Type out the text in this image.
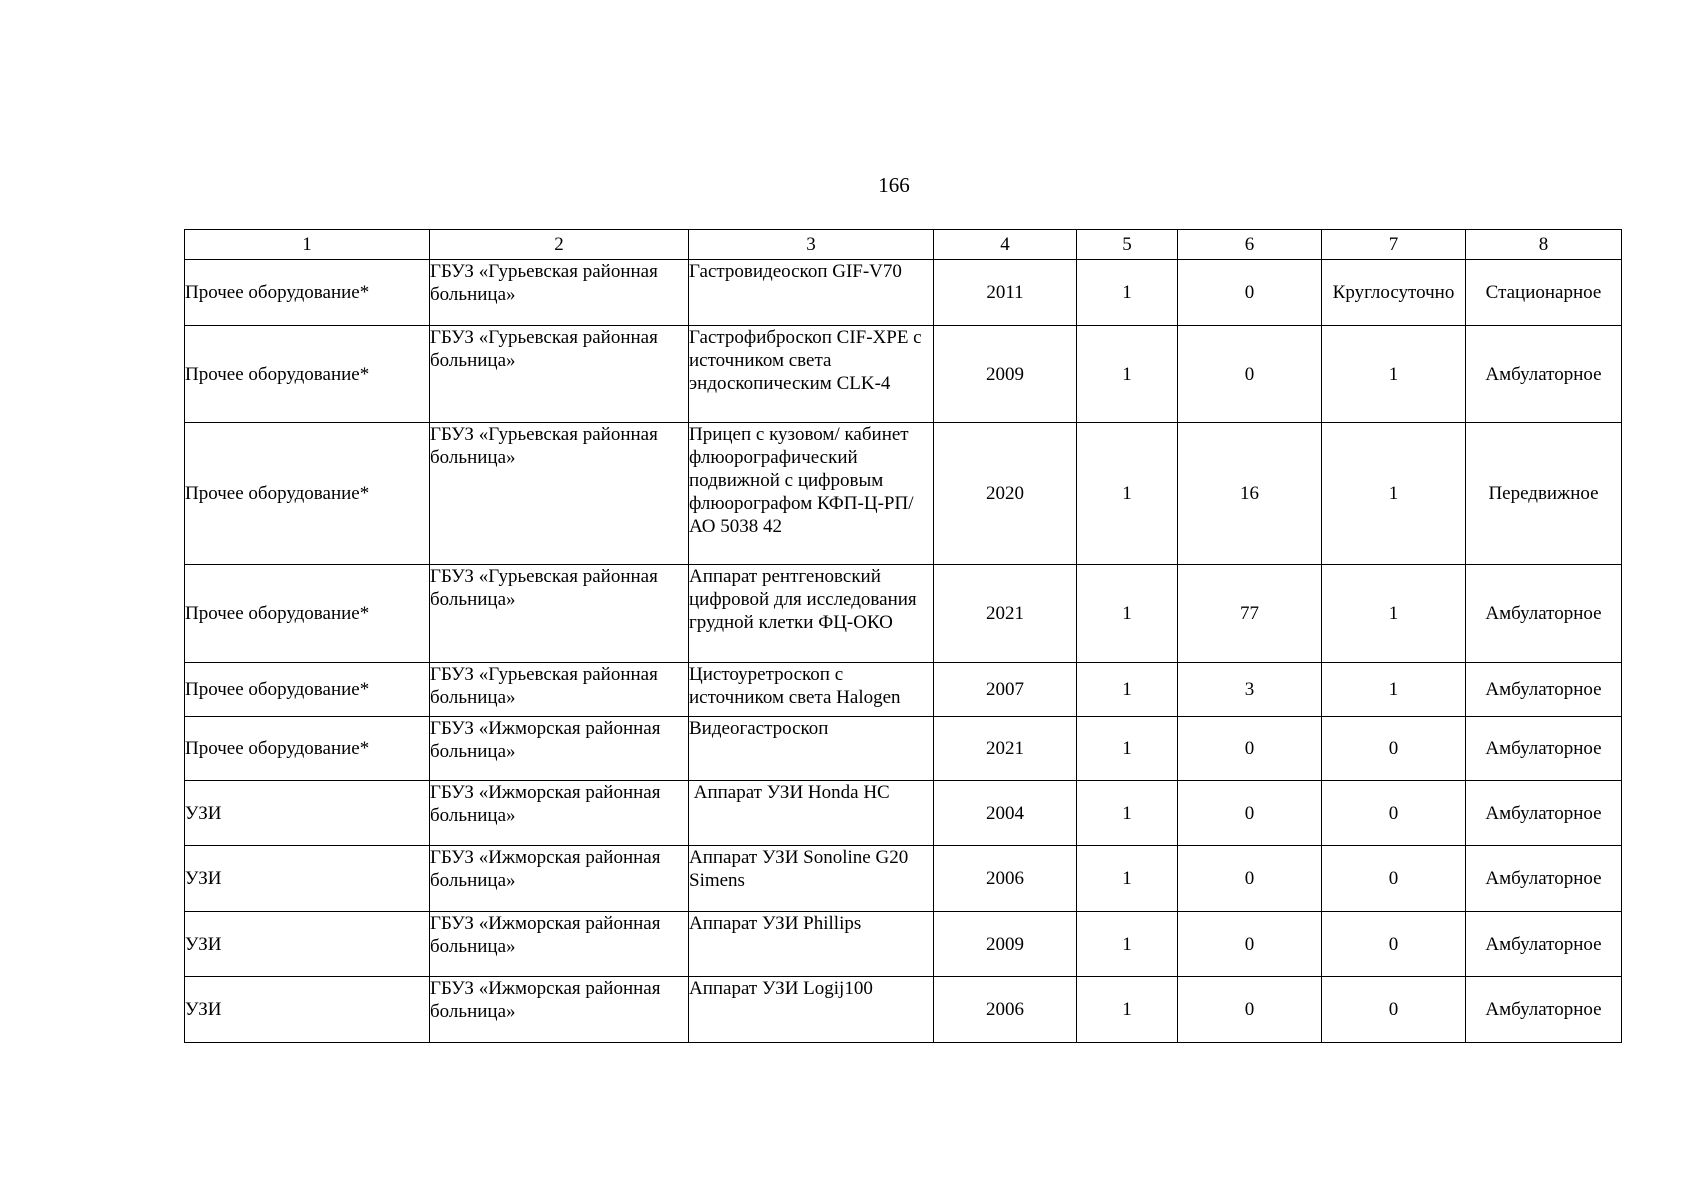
166
1	2	3	4	5	6	7	8
Прочее оборудование*	ГБУЗ «Гурьевская районная больница»	Гастровидеоскоп GIF-V70	2011	1	0	Круглосуточно	Стационарное
Прочее оборудование*	ГБУЗ «Гурьевская районная больница»	Гастрофиброскоп CIF-XPE с источником света эндоскопическим CLK-4	2009	1	0	1	Амбулаторное
Прочее оборудование*	ГБУЗ «Гурьевская районная больница»	Прицеп с кузовом/ кабинет флюорографический подвижной с цифровым флюорографом КФП-Ц-РП/ АО 5038 42	2020	1	16	1	Передвижное
Прочее оборудование*	ГБУЗ «Гурьевская районная больница»	Аппарат рентгеновский цифровой для исследования грудной клетки ФЦ-ОКО	2021	1	77	1	Амбулаторное
Прочее оборудование*	ГБУЗ «Гурьевская районная больница»	Цистоуретроскоп с источником света Halogen	2007	1	3	1	Амбулаторное
Прочее оборудование*	ГБУЗ «Ижморская районная больница»	Видеогастроскоп	2021	1	0	0	Амбулаторное
УЗИ	ГБУЗ «Ижморская районная больница»	Аппарат УЗИ Honda HC	2004	1	0	0	Амбулаторное
УЗИ	ГБУЗ «Ижморская районная больница»	Аппарат УЗИ Sonoline G20 Simens	2006	1	0	0	Амбулаторное
УЗИ	ГБУЗ «Ижморская районная больница»	Аппарат УЗИ Phillips	2009	1	0	0	Амбулаторное
УЗИ	ГБУЗ «Ижморская районная больница»	Аппарат УЗИ Logij100	2006	1	0	0	Амбулаторное
